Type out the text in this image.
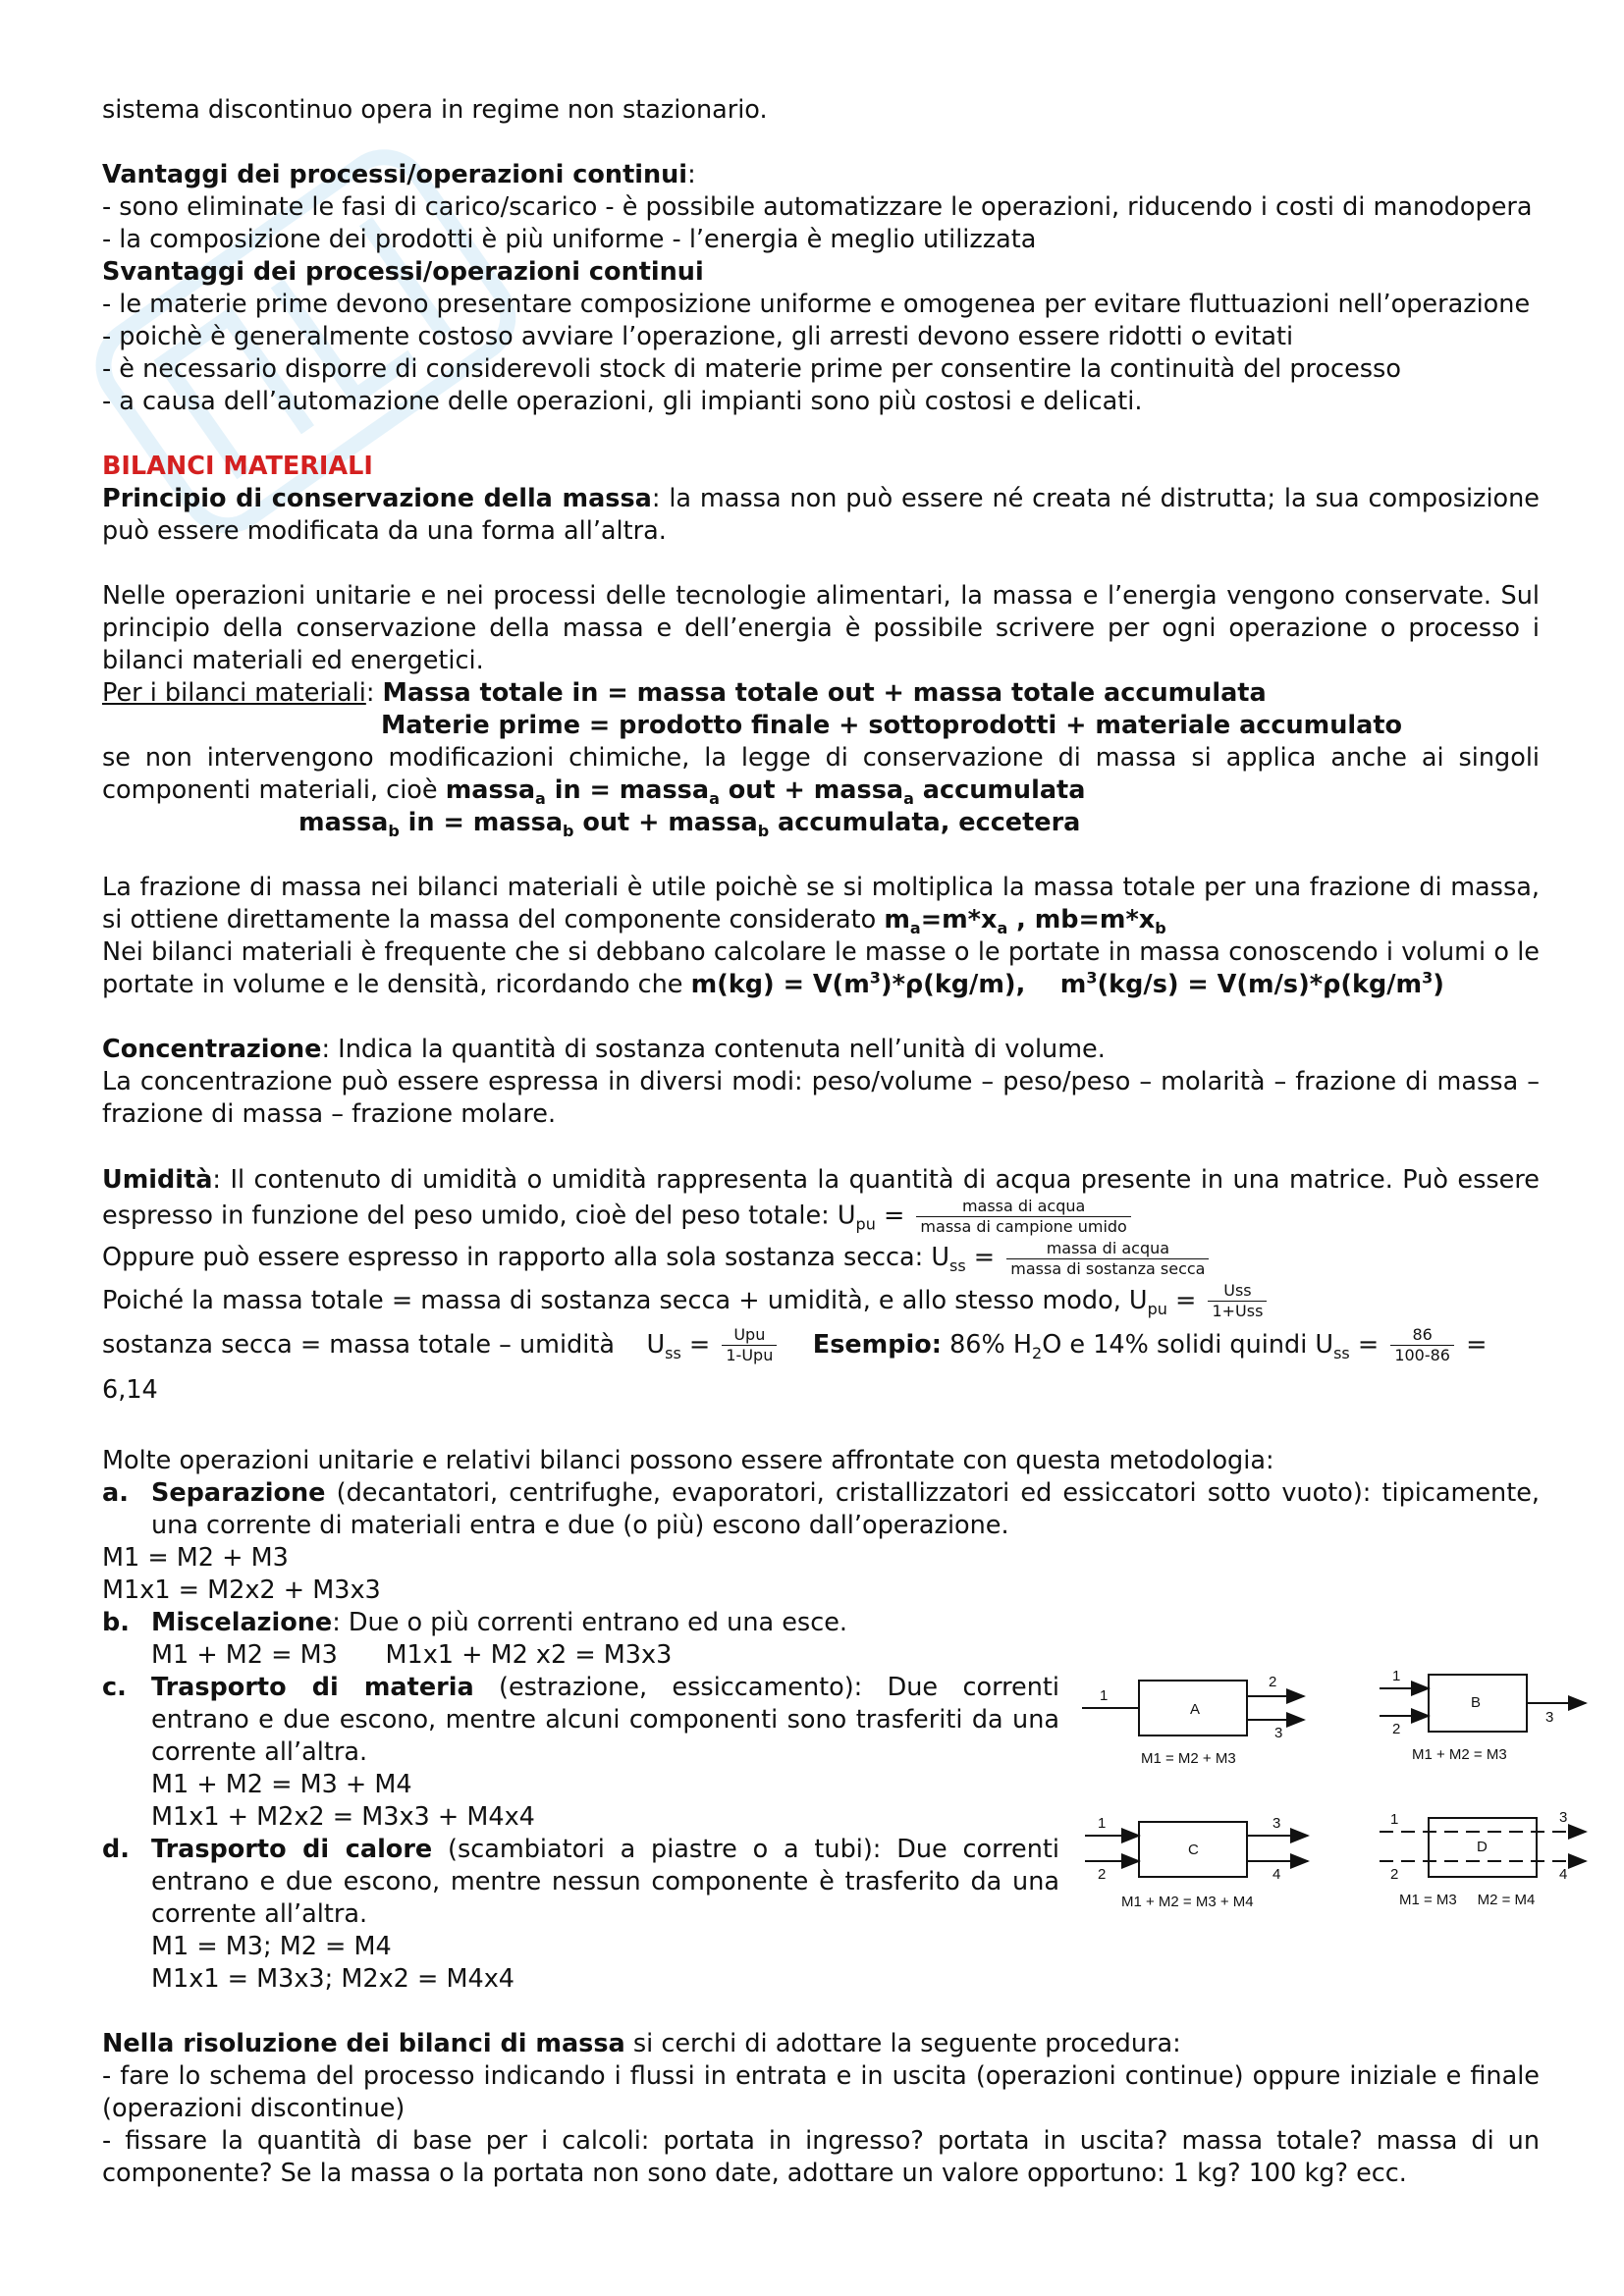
sistema discontinuo opera in regime non stazionario.

Vantaggi dei processi/operazioni continui:

- sono eliminate le fasi di carico/scarico - è possibile automatizzare le operazioni, riducendo i costi di manodopera

- la composizione dei prodotti è più uniforme - l’energia è meglio utilizzata

Svantaggi dei processi/operazioni continui

- le materie prime devono presentare composizione uniforme e omogenea per evitare fluttuazioni nell’operazione

- poichè è generalmente costoso avviare l’operazione, gli arresti devono essere ridotti o evitati

- è necessario disporre di considerevoli stock di materie prime per consentire la continuità del processo

- a causa dell’automazione delle operazioni, gli impianti sono più costosi e delicati.

BILANCI MATERIALI

Principio di conservazione della massa: la massa non può essere né creata né distrutta; la sua composizione può essere modificata da una forma all’altra.

Nelle operazioni unitarie e nei processi delle tecnologie alimentari, la massa e l’energia vengono conservate. Sul principio della conservazione della massa e dell’energia è possibile scrivere per ogni operazione o processo i bilanci materiali ed energetici.

Per i bilanci materiali: Massa totale in = massa totale out + massa totale accumulata

Materie prime = prodotto finale + sottoprodotti + materiale accumulato

se non intervengono modificazioni chimiche, la legge di conservazione di massa si applica anche ai singoli componenti materiali, cioè massa$_a$ in = massa$_a$ out + massa$_a$ accumulata

massa$_b$ in = massa$_b$ out + massa$_b$ accumulata, eccetera

La frazione di massa nei bilanci materiali è utile poichè se si moltiplica la massa totale per una frazione di massa, si ottiene direttamente la massa del componente considerato $m_a=m*x_a$ , $mb=m*x_b$

Nei bilanci materiali è frequente che si debbano calcolare le masse o le portate in massa conoscendo i volumi o le portate in volume e le densità, ricordando che $m(kg) = V(m^3)*\rho(kg/m)$, $m^3(kg/s) = V(m/s)*\rho(kg/m^3)$

Concentrazione: Indica la quantità di sostanza contenuta nell’unità di volume.

La concentrazione può essere espressa in diversi modi: peso/volume – peso/peso – molarità – frazione di massa – frazione di massa – frazione molare.

Umidità: Il contenuto di umidità o umidità rappresenta la quantità di acqua presente in una matrice. Può essere espresso in funzione del peso umido, cioè del peso totale: $U_{pu} = \frac{\text{massa di acqua}}{\text{massa di campione umido}}$

Oppure può essere espresso in rapporto alla sola sostanza secca: $U_{ss} = \frac{\text{massa di acqua}}{\text{massa di sostanza secca}}$

Poiché la massa totale = massa di sostanza secca + umidità, e allo stesso modo, $U_{pu} = \frac{\text{Uss}}{\text{1+Uss}}$

sostanza secca = massa totale – umidità $U_{ss} = \frac{\text{Upu}}{\text{1-Upu}}$ Esempio: 86% $H_2O$ e 14% solidi quindi $U_{ss} = \frac{86}{100-86} = 6,14$

Molte operazioni unitarie e relativi bilanci possono essere affrontate con questa metodologia:

a. Separazione (decantatori, centrifughe, evaporatori, cristallizzatori ed essiccatori sotto vuoto): tipicamente, una corrente di materiali entra e due (o più) escono dall’operazione.

M1 = M2 + M3

M1x1 = M2x2 + M3x3

b. Miscelazione: Due o più correnti entrano ed una esce.

M1 + M2 = M3      M1x1 + M2 x2 = M3x3

c. Trasporto di materia (estrazione, essiccamento): Due correnti entrano e due escono, mentre alcuni componenti sono trasferiti da una corrente all’altra.

M1 + M2 = M3 + M4

M1x1 + M2x2 = M3x3 + M4x4

d. Trasporto di calore (scambiatori a piastre o a tubi): Due correnti entrano e due escono, mentre nessun componente è trasferito da una corrente all’altra.

M1 = M3; M2 = M4

M1x1 = M3x3; M2x2 = M4x4

Nella risoluzione dei bilanci di massa si cerchi di adottare la seguente procedura:

- fare lo schema del processo indicando i flussi in entrata e in uscita (operazioni continue) oppure iniziale e finale (operazioni discontinue)

- fissare la quantità di base per i calcoli: portata in ingresso? portata in uscita? massa totale? massa di un componente? Se la massa o la portata non sono date, adottare un valore opportuno: 1 kg? 100 kg? ecc.

A
1
2
3
M1 = M2 + M3
B
1
2
3
M1 + M2 = M3
C
1
2
3
4
M1 + M2 = M3 + M4
D
1
2
3
4
M1 = M3     M2 = M4
